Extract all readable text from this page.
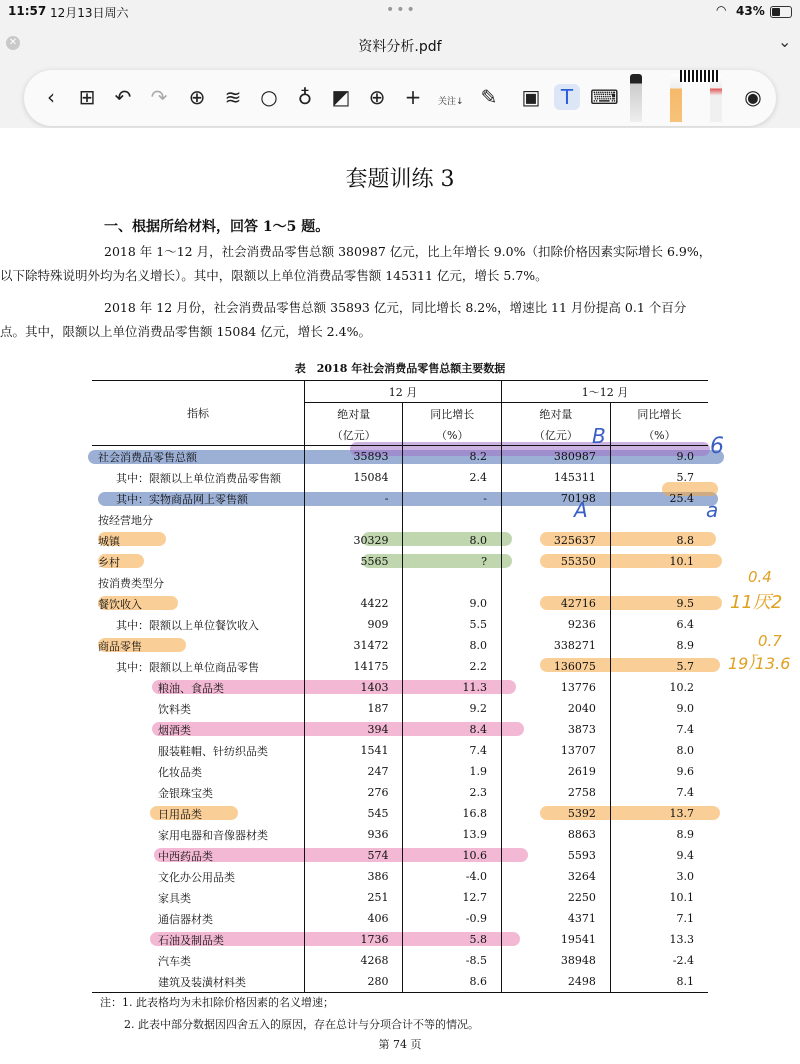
11:57 12月13日周六	•••	◠ 43%
✕	资料分析.pdf	⌄
‹	⊞ ↶ ↷ ⊕ ≋ ○ ♁ ◩ ⊕ +	关注↓ ✎ ▣	T ⌨	◉
套题训练 3
一、根据所给材料，回答 1～5 题。
2018 年 1～12 月，社会消费品零售总额 380987 亿元，比上年增长 9.0%（扣除价格因素实际增长 6.9%，
以下除特殊说明外均为名义增长）。其中，限额以上单位消费品零售额 145311 亿元，增长 5.7%。
2018 年 12 月份，社会消费品零售总额 35893 亿元，同比增长 8.2%，增速比 11 月份提高 0.1 个百分
点。其中，限额以上单位消费品零售额 15084 亿元，增长 2.4%。
表　2018 年社会消费品零售总额主要数据
指标	12 月		1～12 月	
	绝对量	同比增长	绝对量	同比增长
	（亿元）	（%）	（亿元）	（%）
社会消费品零售总额	35893	8.2	380987	9.0
其中：限额以上单位消费品零售额	15084	2.4	145311	5.7
其中：实物商品网上零售额	-	-	70198	25.4
按经营地分				
城镇	30329	8.0	325637	8.8
乡村	5565	?	55350	10.1
按消费类型分				
餐饮收入	4422	9.0	42716	9.5
其中：限额以上单位餐饮收入	909	5.5	9236	6.4
商品零售	31472	8.0	338271	8.9
其中：限额以上单位商品零售	14175	2.2	136075	5.7
粮油、食品类	1403	11.3	13776	10.2
饮料类	187	9.2	2040	9.0
烟酒类	394	8.4	3873	7.4
服装鞋帽、针纺织品类	1541	7.4	13707	8.0
化妆品类	247	1.9	2619	9.6
金银珠宝类	276	2.3	2758	7.4
日用品类	545	16.8	5392	13.7
家用电器和音像器材类	936	13.9	8863	8.9
中西药品类	574	10.6	5593	9.4
文化办公用品类	386	-4.0	3264	3.0
家具类	251	12.7	2250	10.1
通信器材类	406	-0.9	4371	7.1
石油及制品类	1736	5.8	19541	13.3
汽车类	4268	-8.5	38948	-2.4
建筑及装潢材料类	280	8.6	2498	8.1
注：1. 此表格均为未扣除价格因素的名义增速；
2. 此表中部分数据因四舍五入的原因，存在总计与分项合计不等的情况。
第 74 页
B	6
A	a
0.4
11厌2
0.7
19⟌13.6
